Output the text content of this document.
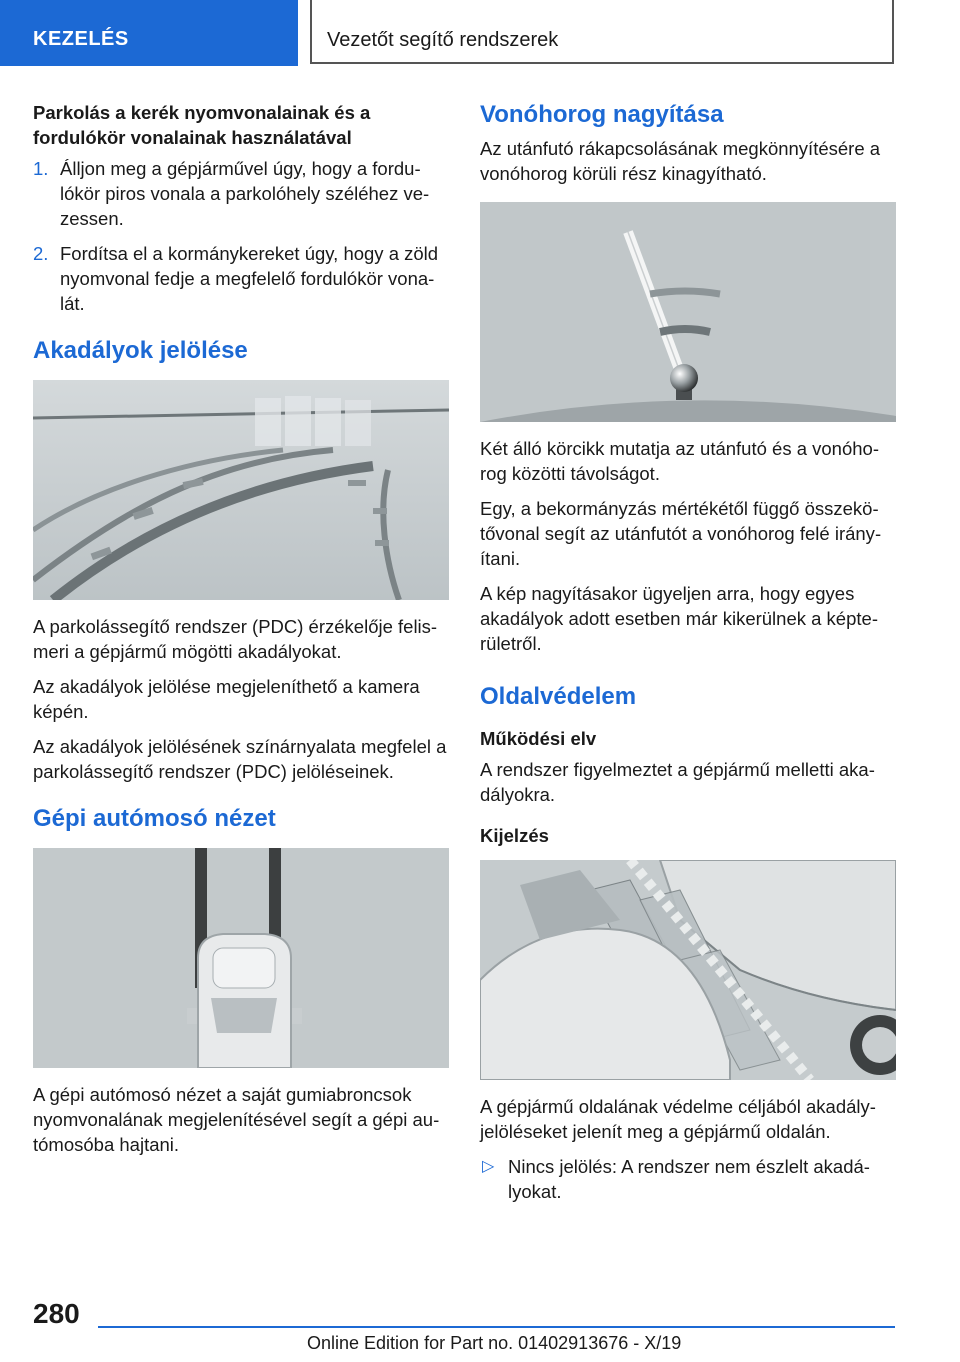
KEZELÉS	Vezetőt segítő rendszerek

Parkolás a kerék nyomvonalainak és a fordulókör vonalainak használatával

1. Álljon meg a gépjárművel úgy, hogy a fordulókör piros vonala a parkolóhely széléhez vezessen.
2. Fordítsa el a kormánykereket úgy, hogy a zöld nyomvonal fedje a megfelelő fordulókör vonalát.
Akadályok jelölése

A parkolássegítő rendszer (PDC) érzékelője felismeri a gépjármű mögötti akadályokat.

Az akadályok jelölése megjeleníthető a kamera képén.

Az akadályok jelölésének színárnyalata megfelel a parkolássegítő rendszer (PDC) jelöléseinek.

Gépi autómosó nézet

A gépi autómosó nézet a saját gumiabroncsok nyomvonalának megjelenítésével segít a gépi autómosóba hajtani.

Vonóhorog nagyítása

Az utánfutó rákapcsolásának megkönnyítésére a vonóhorog körüli rész kinagyítható.

Két álló körcikk mutatja az utánfutó és a vonóhorog közötti távolságot.

Egy, a bekormányzás mértékétől függő összekötővonal segít az utánfutót a vonóhorog felé irányítani.

A kép nagyításakor ügyeljen arra, hogy egyes akadályok adott esetben már kikerülnek a képterületről.

Oldalvédelem

Működési elv

A rendszer figyelmeztet a gépjármű melletti akadályokra.

Kijelzés

A gépjármű oldalának védelme céljából akadályjelöléseket jelenít meg a gépjármű oldalán.

▷ Nincs jelölés: A rendszer nem észlelt akadályokat.
280
Online Edition for Part no. 01402913676 - X/19
